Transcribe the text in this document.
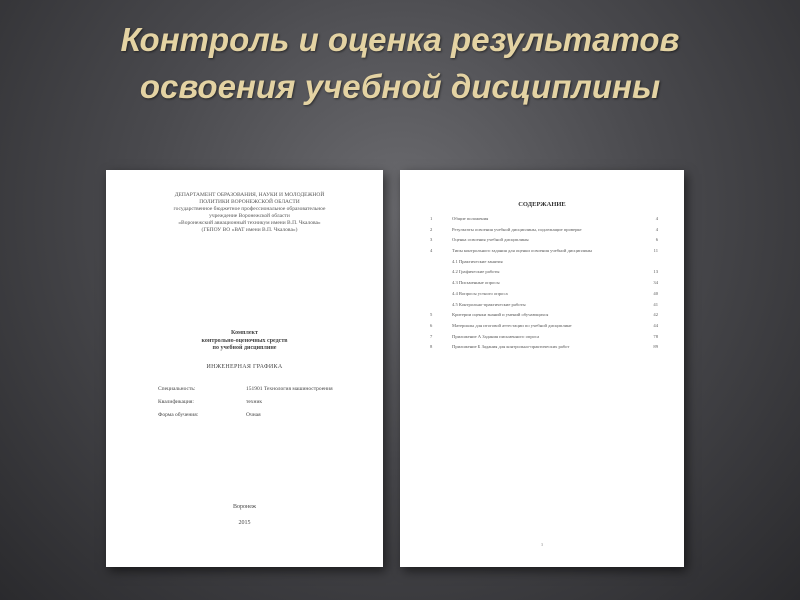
Контроль и оценка результатов
освоения учебной дисциплины
ДЕПАРТАМЕНТ ОБРАЗОВАНИЯ, НАУКИ И МОЛОДЕЖНОЙ
ПОЛИТИКИ ВОРОНЕЖСКОЙ ОБЛАСТИ
государственное бюджетное профессиональное образовательное
учреждение Воронежской области
«Воронежский авиационный техникум имени В.П. Чкалова»
(ГБПОУ ВО «ВАТ имени В.П. Чкалова»)
Комплект
контрольно-оценочных средств
по учебной дисциплине
ИНЖЕНЕРНАЯ ГРАФИКА
Специальность:	151901 Технология машиностроения
Квалификация:	техник
Форма обучения:	Очная
Воронеж
2015
СОДЕРЖАНИЕ
1	Общие положения	4
2	Результаты освоения учебной дисциплины, подлежащие проверке	4
3	Оценка освоения учебной дисциплины	6
4	Типы контрольного задания для оценки освоения учебной дисциплины	11
4.1 Практические занятия
4.2 Графические работы	13
4.3 Письменные опросы	34
4.4 Вопросы устного опроса	40
4.5 Контрольно-практические работы	41
5	Критерии оценки знаний и умений обучающихся	42
6	Материалы для итоговой аттестации по учебной дисциплине	44
7	Приложение А Задания письменного опроса	78
8	Приложение Б Задания для контрольно-практических работ	89
3
